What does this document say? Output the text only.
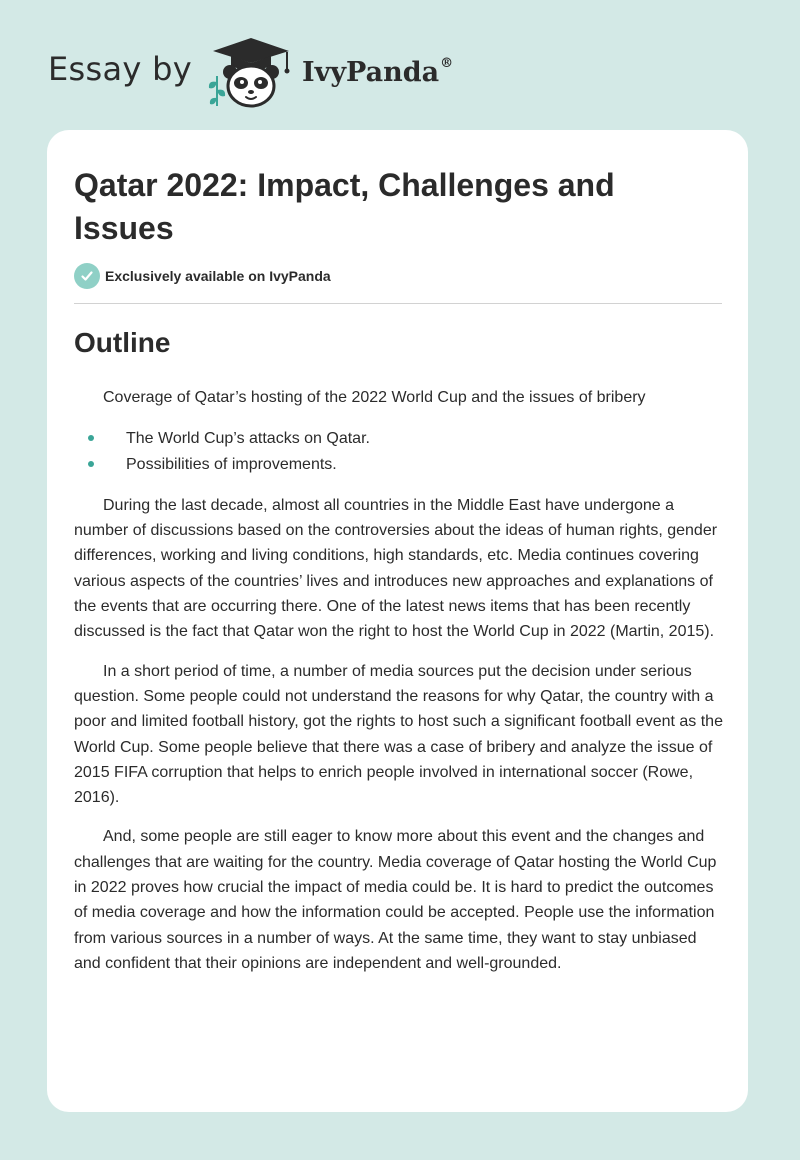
Essay by	IvyPanda®
Qatar 2022: Impact, Challenges and Issues
Exclusively available on IvyPanda
Outline

Coverage of Qatar’s hosting of the 2022 World Cup and the issues of bribery

The World Cup’s attacks on Qatar.
Possibilities of improvements.

During the last decade, almost all countries in the Middle East have undergone a number of discussions based on the controversies about the ideas of human rights, gender differences, working and living conditions, high standards, etc. Media continues covering various aspects of the countries’ lives and introduces new approaches and explanations of the events that are occurring there. One of the latest news items that has been recently discussed is the fact that Qatar won the right to host the World Cup in 2022 (Martin, 2015).

In a short period of time, a number of media sources put the decision under serious question. Some people could not understand the reasons for why Qatar, the country with a poor and limited football history, got the rights to host such a significant football event as the World Cup. Some people believe that there was a case of bribery and analyze the issue of 2015 FIFA corruption that helps to enrich people involved in international soccer (Rowe, 2016).

And, some people are still eager to know more about this event and the changes and challenges that are waiting for the country. Media coverage of Qatar hosting the World Cup in 2022 proves how crucial the impact of media could be. It is hard to predict the outcomes of media coverage and how the information could be accepted. People use the information from various sources in a number of ways. At the same time, they want to stay unbiased and confident that their opinions are independent and well-grounded.
